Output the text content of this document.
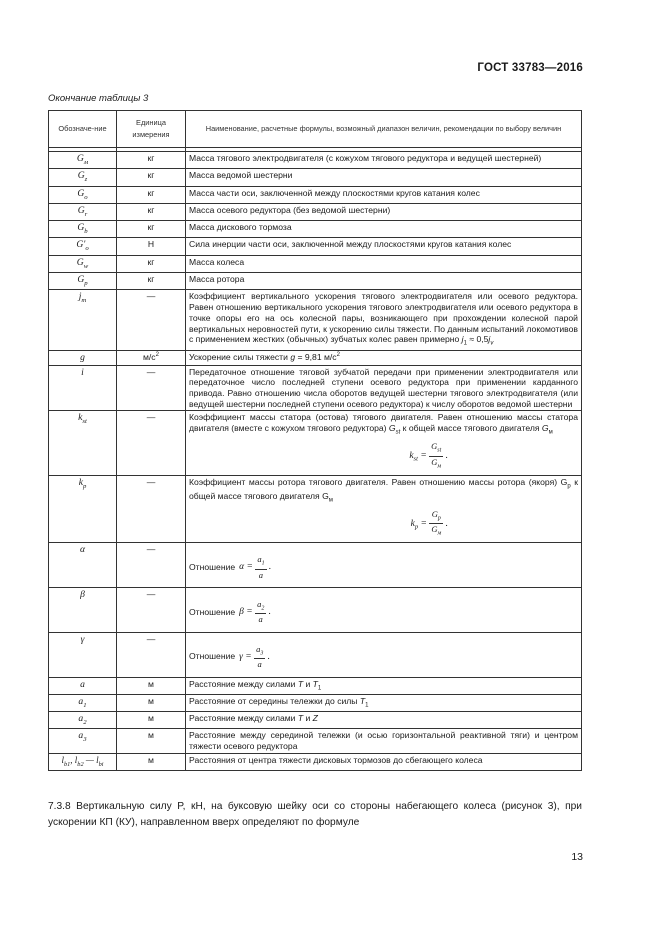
ГОСТ 33783—2016
Окончание таблицы 3
Обозначе-ние	Единица измерения	Наименование, расчетные формулы, возможный диапазон величин, рекомендации по выбору величин

$G_м$	кг	Масса тягового электродвигателя (с кожухом тягового редуктора и ведущей шестерней)
$G_z$	кг	Масса ведомой шестерни
$G_о$	кг	Масса части оси, заключенной между плоскостями кругов катания колес
$G_r$	кг	Масса осевого редуктора (без ведомой шестерни)
$G_b$	кг	Масса дискового тормоза
$G'_о$	Н	Сила инерции части оси, заключенной между плоскостями кругов катания колес
$G_w$	кг	Масса колеса
$G_р$	кг	Масса ротора
$j_т$	—	Коэффициент вертикального ускорения тягового электродвигателя или осевого редуктора. Равен отношению вертикального ускорения тягового электродвигателя или осевого редуктора в точке опоры его на ось колесной пары, возникающего при прохождении колесной парой вертикальных неровностей пути, к ускорению силы тяжести. По данным испытаний локомотивов с применением жестких (обычных) зубчатых колес равен примерно $j_1 \approx 0,5j_v$
g	$м/с^2$	Ускорение силы тяжести g = 9,81 $м/с^2$
i	—	Передаточное отношение тяговой зубчатой передачи при применении электродвигателя или передаточное число последней ступени осевого редуктора при применении карданного привода. Равно отношению числа оборотов ведущей шестерни тягового электродвигателя (или ведущей шестерни последней ступени осевого редуктора) к числу оборотов ведомой шестерни
$k_{st}$	—	Коэффициент массы статора (остова) тягового двигателя. Равен отношению массы статора двигателя (вместе с кожухом тягового редуктора) $G_{st}$ к общей массе тягового двигателя $G_м$
$k_{st} = \frac{G_{st}}{G_м}$ .

$k_р$	—	Коэффициент массы ротора тягового двигателя. Равен отношению массы ротора (якоря) $G_р$ к общей массе тягового двигателя $G_м$
$k_р = \frac{G_р}{G_м}$ .

α	—	Отношение $\alpha = \frac{a_1}{a}$ .

β	—	Отношение $\beta = \frac{a_2}{a}$ .

γ	—	Отношение $\gamma = \frac{a_3}{a}$ .

a	м	Расстояние между силами T и $T_1$
$a_1$	м	Расстояние от середины тележки до силы $T_1$
$a_2$	м	Расстояние между силами T и Z
$a_3$	м	Расстояние между серединой тележки (и осью горизонтальной реактивной тяги) и центром тяжести осевого редуктора
$l_{b1}$, $l_{b2}$ — $l_{bi}$	м	Расстояния от центра тяжести дисковых тормозов до сбегающего колеса
7.3.8 Вертикальную силу P, кН, на буксовую шейку оси со стороны набегающего колеса (рисунок 3), при ускорении КП (КУ), направленном вверх определяют по формуле
13
